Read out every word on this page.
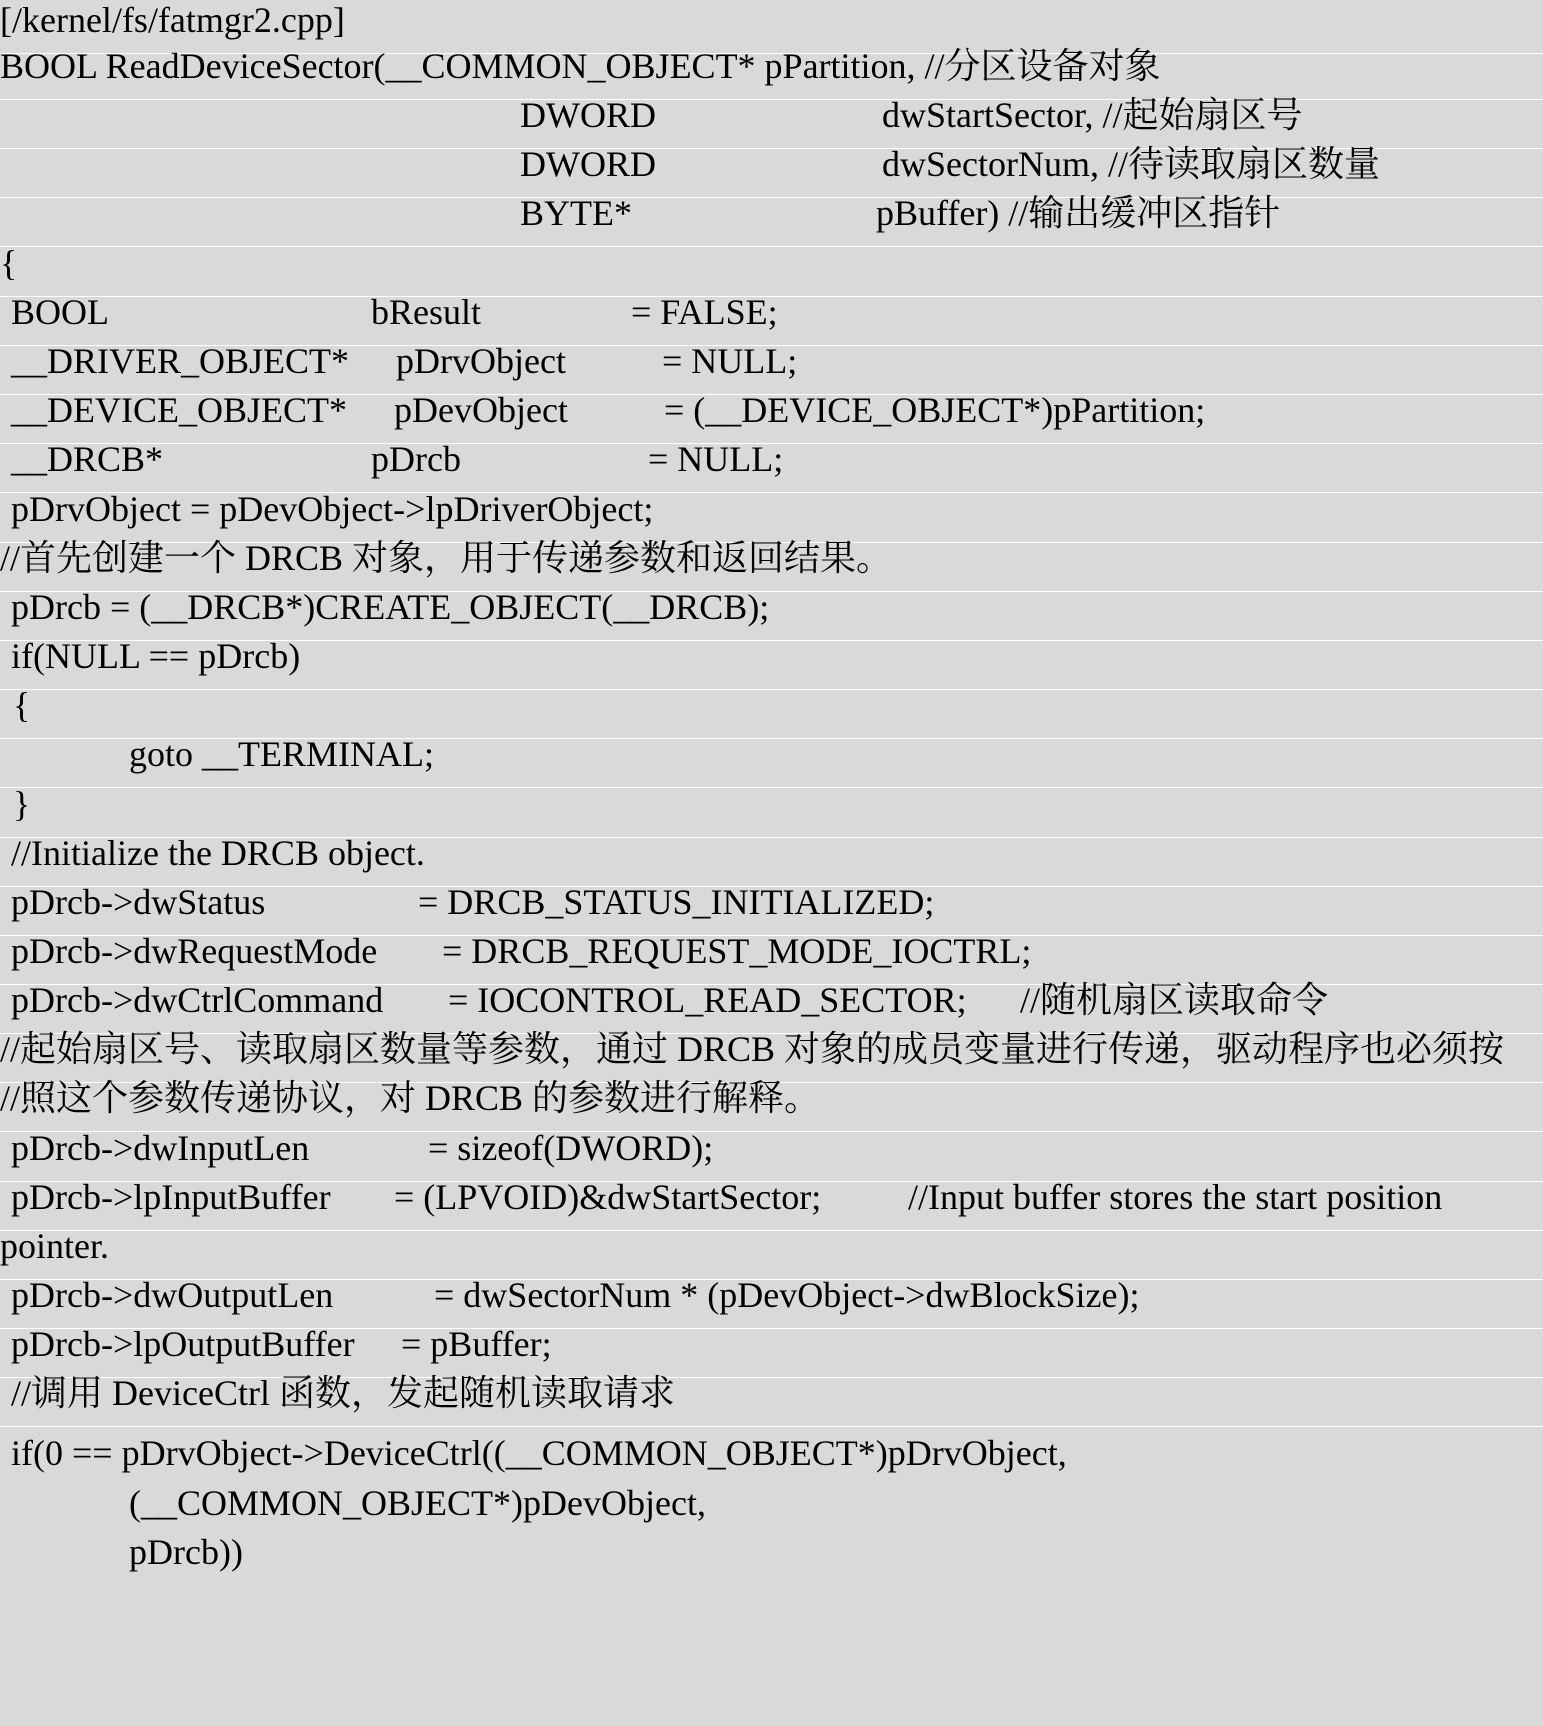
[/kernel/fs/fatmgr2.cpp]

BOOL ReadDeviceSector(__COMMON_OBJECT* pPartition, //分区设备对象

DWORD

	dwStartSector, //起始扇区号

DWORD

	dwSectorNum, //待读取扇区数量

BYTE*

	pBuffer) //输出缓冲区指针

{

BOOL

	bResult

	= FALSE;

__DRIVER_OBJECT*

pDrvObject

	= NULL;

__DEVICE_OBJECT*

pDevObject

	= (__DEVICE_OBJECT*)pPartition;

__DRCB*

	pDrcb

	= NULL;

pDrvObject = pDevObject->lpDriverObject;

//首先创建一个 DRCB 对象，用于传递参数和返回结果。

pDrcb = (__DRCB*)CREATE_OBJECT(__DRCB);

if(NULL == pDrcb)

{

goto __TERMINAL;

}

//Initialize the DRCB object.

pDrcb->dwStatus

	= DRCB_STATUS_INITIALIZED;

pDrcb->dwRequestMode

= DRCB_REQUEST_MODE_IOCTRL;

pDrcb->dwCtrlCommand

= IOCONTROL_READ_SECTOR;

//随机扇区读取命令

//起始扇区号、读取扇区数量等参数，通过 DRCB 对象的成员变量进行传递，驱动程序也必须按

//照这个参数传递协议，对 DRCB 的参数进行解释。

pDrcb->dwInputLen

	= sizeof(DWORD);

pDrcb->lpInputBuffer

= (LPVOID)&dwStartSector;

//Input buffer stores the start position

pointer.

pDrcb->dwOutputLen

	= dwSectorNum * (pDevObject->dwBlockSize);

pDrcb->lpOutputBuffer

= pBuffer;

//调用 DeviceCtrl 函数，发起随机读取请求

if(0 == pDrvObject->DeviceCtrl((__COMMON_OBJECT*)pDrvObject,

(__COMMON_OBJECT*)pDevObject,

pDrcb))
